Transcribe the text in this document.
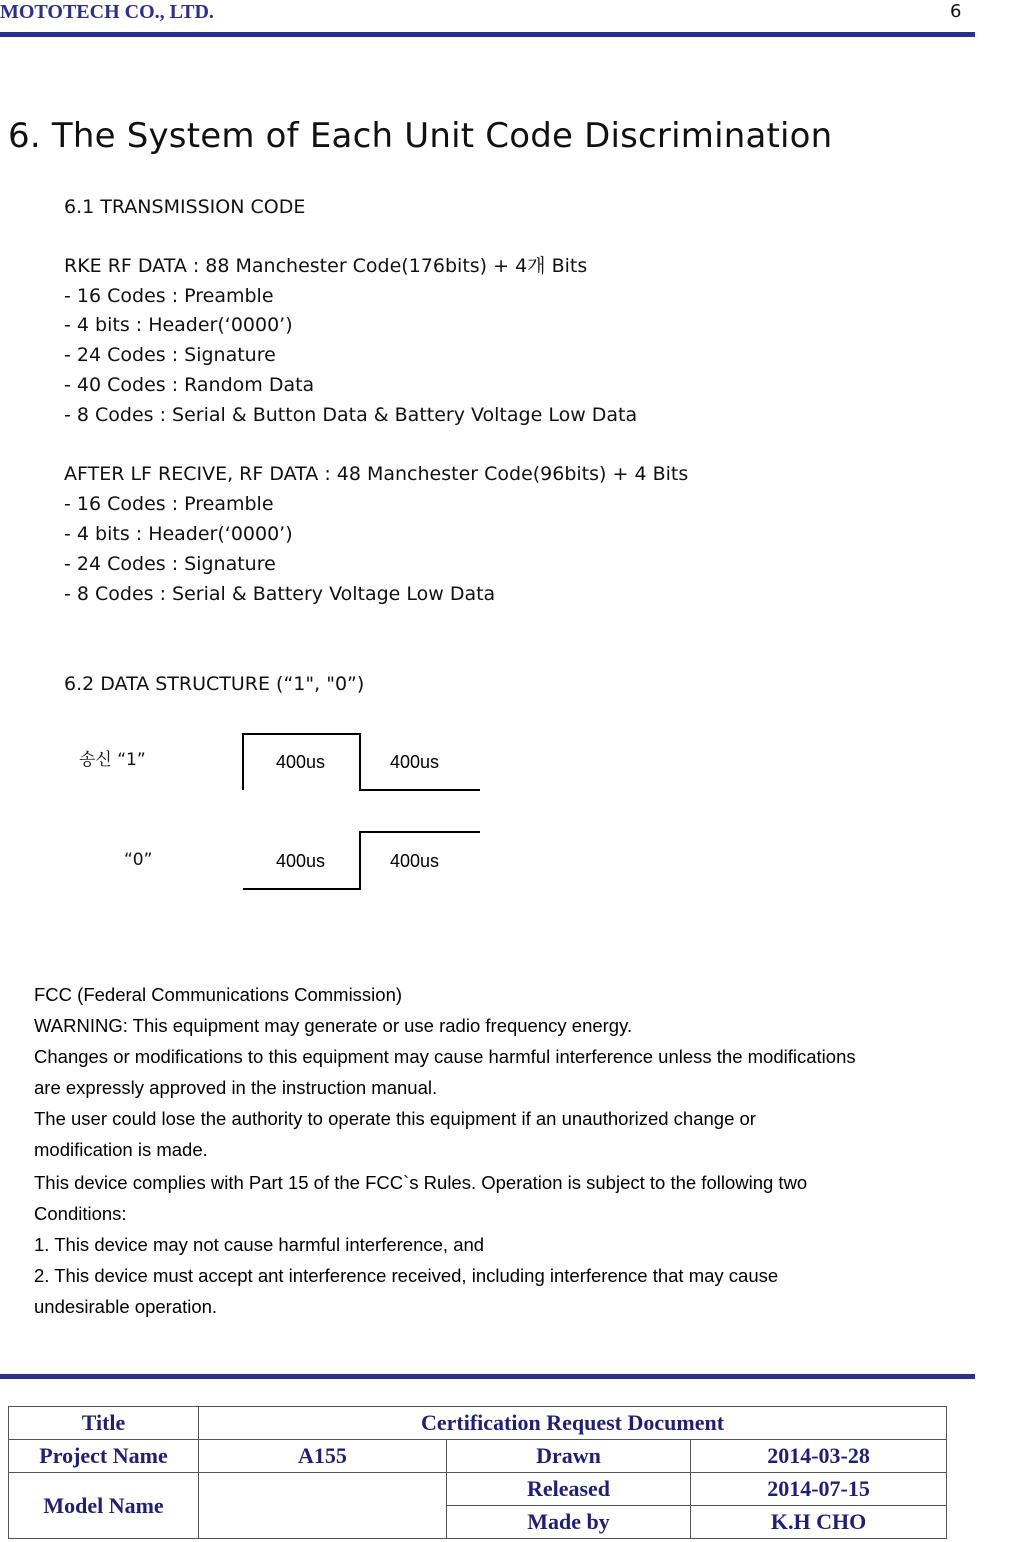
MOTOTECH CO., LTD.	6
6. The System of Each Unit Code Discrimination
6.1 TRANSMISSION CODE
RKE RF DATA : 88 Manchester Code(176bits) + 4개 Bits
- 16 Codes : Preamble
- 4 bits : Header(‘0000’)
- 24 Codes : Signature
- 40 Codes : Random Data
- 8 Codes : Serial & Button Data & Battery Voltage Low Data
AFTER LF RECIVE, RF DATA : 48 Manchester Code(96bits) + 4 Bits
- 16 Codes : Preamble
- 4 bits : Header(‘0000’)
- 24 Codes : Signature
- 8 Codes : Serial & Battery Voltage Low Data
6.2 DATA STRUCTURE (“1", "0”)
송신 “1”	400us	400us
“0”	400us	400us
FCC (Federal Communications Commission)
WARNING: This equipment may generate or use radio frequency energy.
Changes or modifications to this equipment may cause harmful interference unless the modifications
are expressly approved in the instruction manual.
The user could lose the authority to operate this equipment if an unauthorized change or
modification is made.
This device complies with Part 15 of the FCC`s Rules. Operation is subject to the following two
Conditions:
1. This device may not cause harmful interference, and
2. This device must accept ant interference received, including interference that may cause
undesirable operation.
Title	Certification Request Document		
Project Name	A155	Drawn	2014-03-28
Model Name		Released	2014-07-15
		Made by	K.H CHO
